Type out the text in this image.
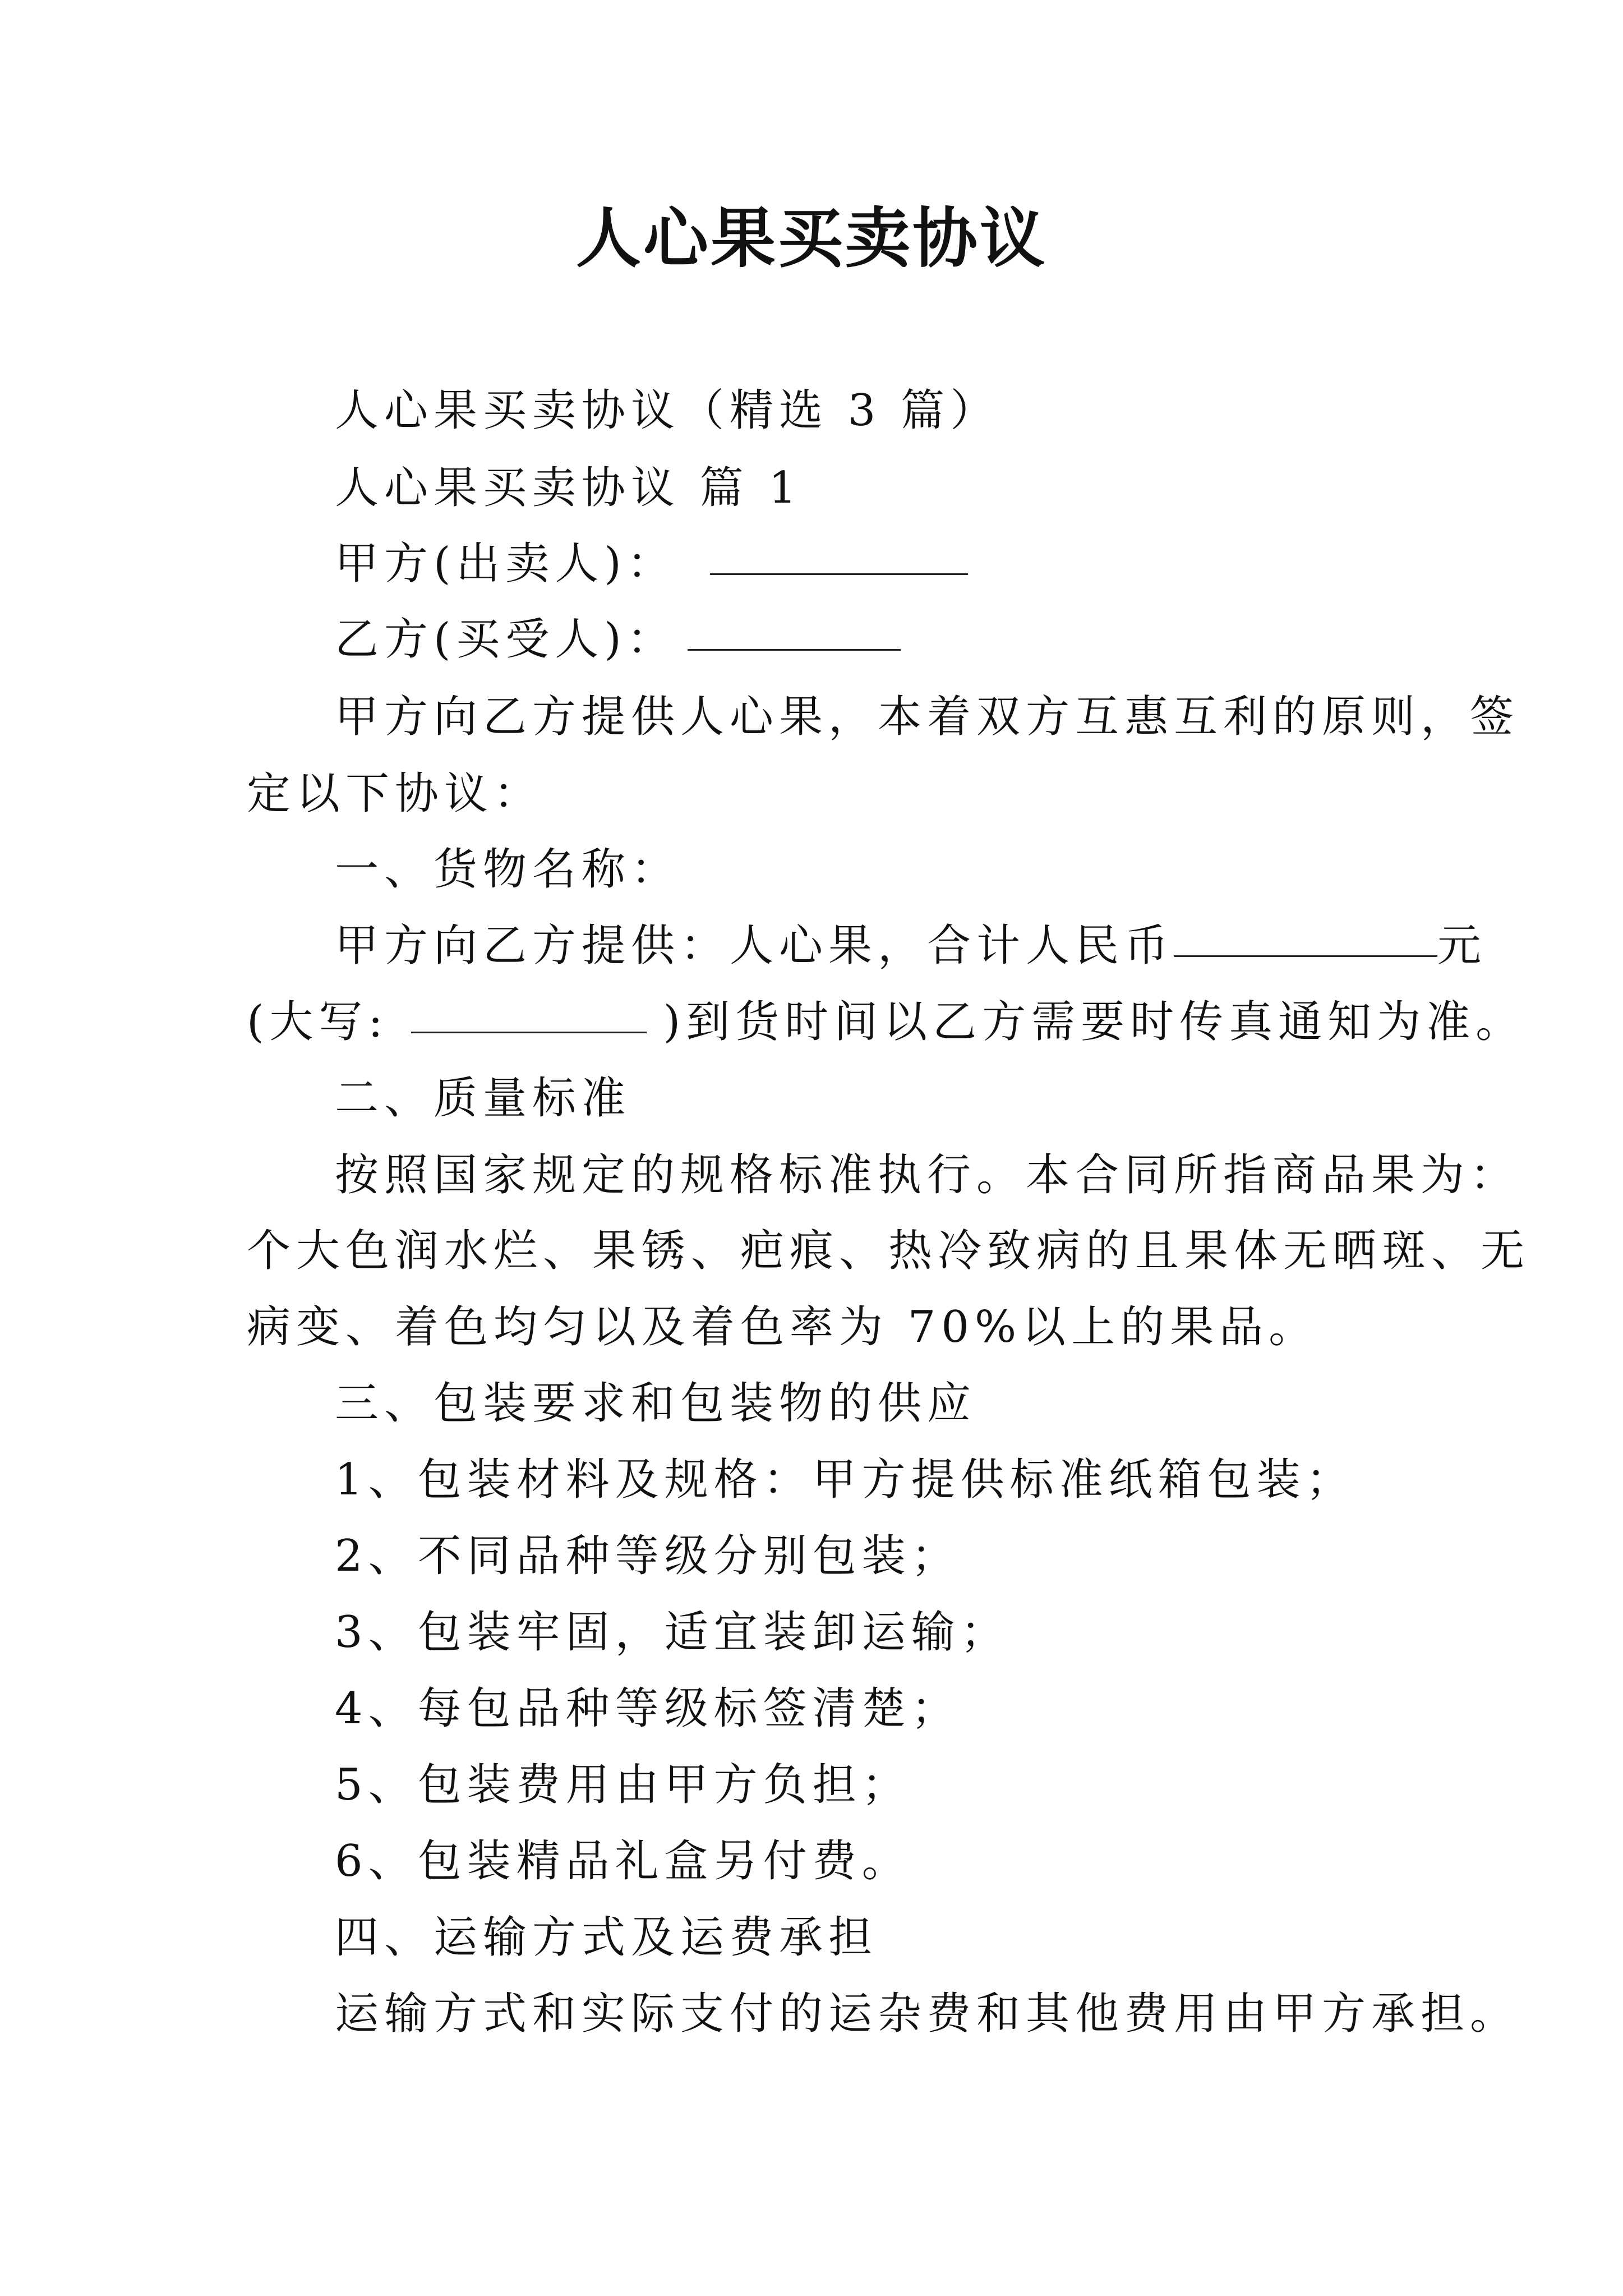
人心果买卖协议
人心果买卖协议（精选 3 篇）
人心果买卖协议 篇 1
甲方(出卖人)：
乙方(买受人)：
甲方向乙方提供人心果，本着双方互惠互利的原则，签
定以下协议：
一、货物名称：
甲方向乙方提供：人心果，合计人民币	元
(大写:	)到货时间以乙方需要时传真通知为准。
二、质量标准
按照国家规定的规格标准执行。本合同所指商品果为：
个大色润水烂、果锈、疤痕、热冷致病的且果体无晒斑、无
病变、着色均匀以及着色率为 70%以上的果品。
三、包装要求和包装物的供应
1、包装材料及规格：甲方提供标准纸箱包装；
2、不同品种等级分别包装；
3、包装牢固，适宜装卸运输；
4、每包品种等级标签清楚；
5、包装费用由甲方负担；
6、包装精品礼盒另付费。
四、运输方式及运费承担
运输方式和实际支付的运杂费和其他费用由甲方承担。
